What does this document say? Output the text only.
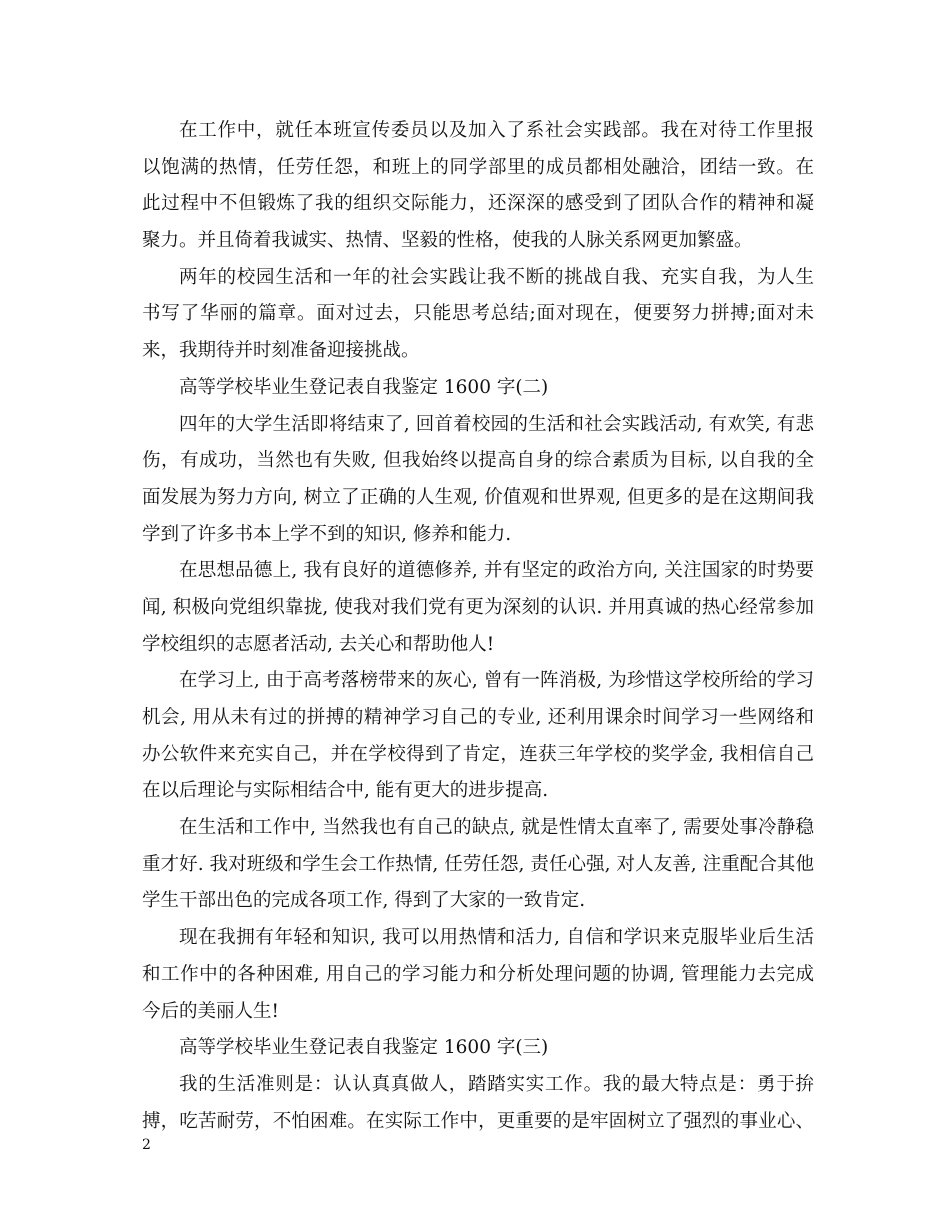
在工作中，就任本班宣传委员以及加入了系社会实践部。我在对待工作里报
以饱满的热情，任劳任怨，和班上的同学部里的成员都相处融洽，团结一致。在
此过程中不但锻炼了我的组织交际能力，还深深的感受到了团队合作的精神和凝
聚力。并且倚着我诚实、热情、坚毅的性格，使我的人脉关系网更加繁盛。
两年的校园生活和一年的社会实践让我不断的挑战自我、充实自我，为人生
书写了华丽的篇章。面对过去，只能思考总结;面对现在，便要努力拼搏;面对未
来，我期待并时刻准备迎接挑战。
高等学校毕业生登记表自我鉴定 1600 字(二)
四年的大学生活即将结束了, 回首着校园的生活和社会实践活动, 有欢笑, 有悲
伤，有成功，当然也有失败, 但我始终以提高自身的综合素质为目标, 以自我的全
面发展为努力方向, 树立了正确的人生观, 价值观和世界观, 但更多的是在这期间我
学到了许多书本上学不到的知识, 修养和能力.
在思想品德上, 我有良好的道德修养, 并有坚定的政治方向, 关注国家的时势要
闻, 积极向党组织靠拢, 使我对我们党有更为深刻的认识. 并用真诚的热心经常参加
学校组织的志愿者活动, 去关心和帮助他人!
在学习上, 由于高考落榜带来的灰心, 曾有一阵消极, 为珍惜这学校所给的学习
机会, 用从未有过的拼搏的精神学习自己的专业, 还利用课余时间学习一些网络和
办公软件来充实自己，并在学校得到了肯定，连获三年学校的奖学金, 我相信自己
在以后理论与实际相结合中, 能有更大的进步提高.
在生活和工作中, 当然我也有自己的缺点, 就是性情太直率了, 需要处事冷静稳
重才好. 我对班级和学生会工作热情, 任劳任怨, 责任心强, 对人友善, 注重配合其他
学生干部出色的完成各项工作, 得到了大家的一致肯定.
现在我拥有年轻和知识, 我可以用热情和活力, 自信和学识来克服毕业后生活
和工作中的各种困难, 用自己的学习能力和分析处理问题的协调, 管理能力去完成
今后的美丽人生!
高等学校毕业生登记表自我鉴定 1600 字(三)
我的生活准则是：认认真真做人，踏踏实实工作。我的最大特点是：勇于拚
搏，吃苦耐劳，不怕困难。在实际工作中，更重要的是牢固树立了强烈的事业心、
2
